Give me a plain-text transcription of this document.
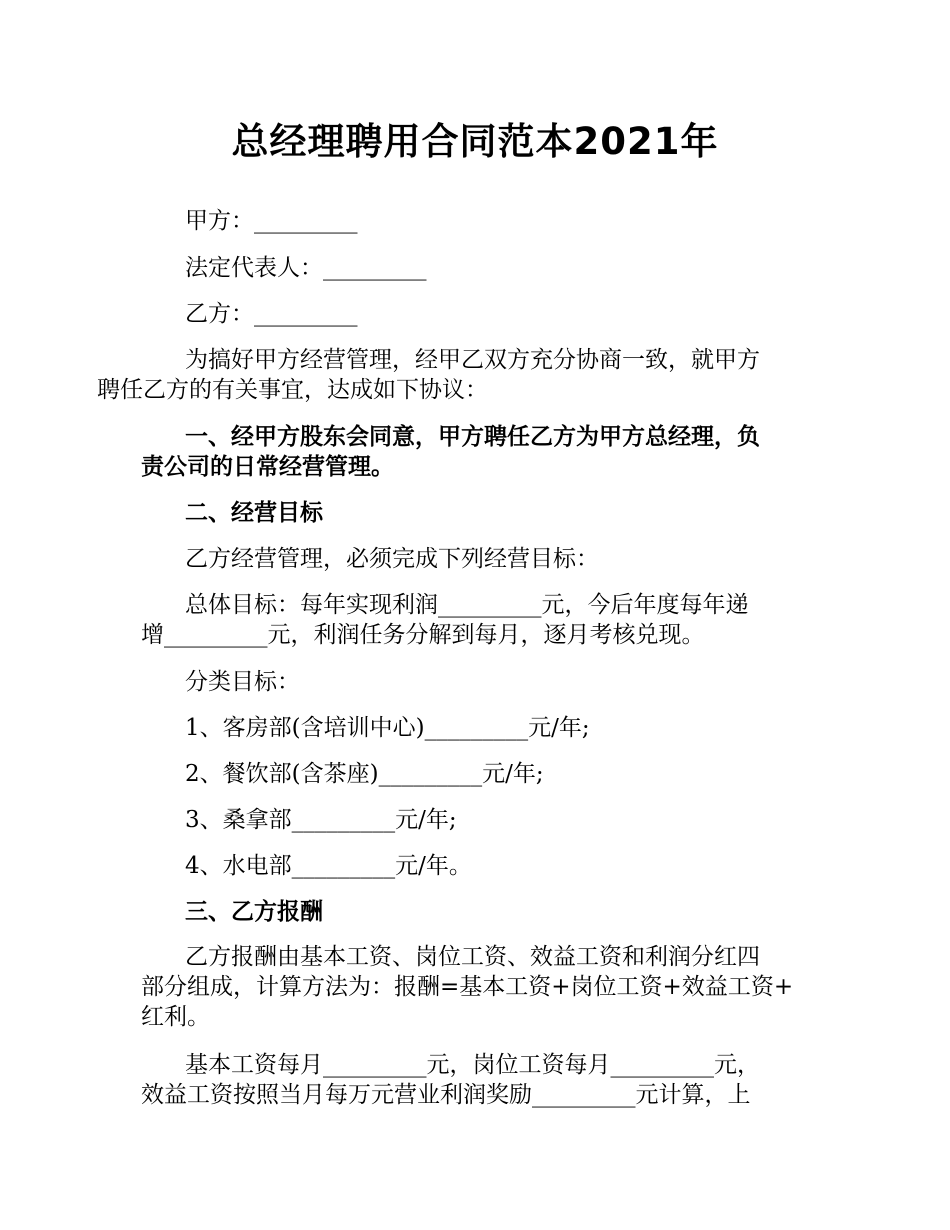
总经理聘用合同范本2021年

甲方：_________

法定代表人：_________

乙方：_________

为搞好甲方经营管理，经甲乙双方充分协商一致，就甲方
聘任乙方的有关事宜，达成如下协议：

一、经甲方股东会同意，甲方聘任乙方为甲方总经理，负
责公司的日常经营管理。

二、经营目标

乙方经营管理，必须完成下列经营目标：

总体目标：每年实现利润_________元，今后年度每年递
增_________元，利润任务分解到每月，逐月考核兑现。

分类目标：

1、客房部(含培训中心)_________元/年;

2、餐饮部(含茶座)_________元/年;

3、桑拿部_________元/年;

4、水电部_________元/年。

三、乙方报酬

乙方报酬由基本工资、岗位工资、效益工资和利润分红四
部分组成，计算方法为：报酬=基本工资+岗位工资+效益工资+
红利。

基本工资每月_________元，岗位工资每月_________元，
效益工资按照当月每万元营业利润奖励_________元计算，上
